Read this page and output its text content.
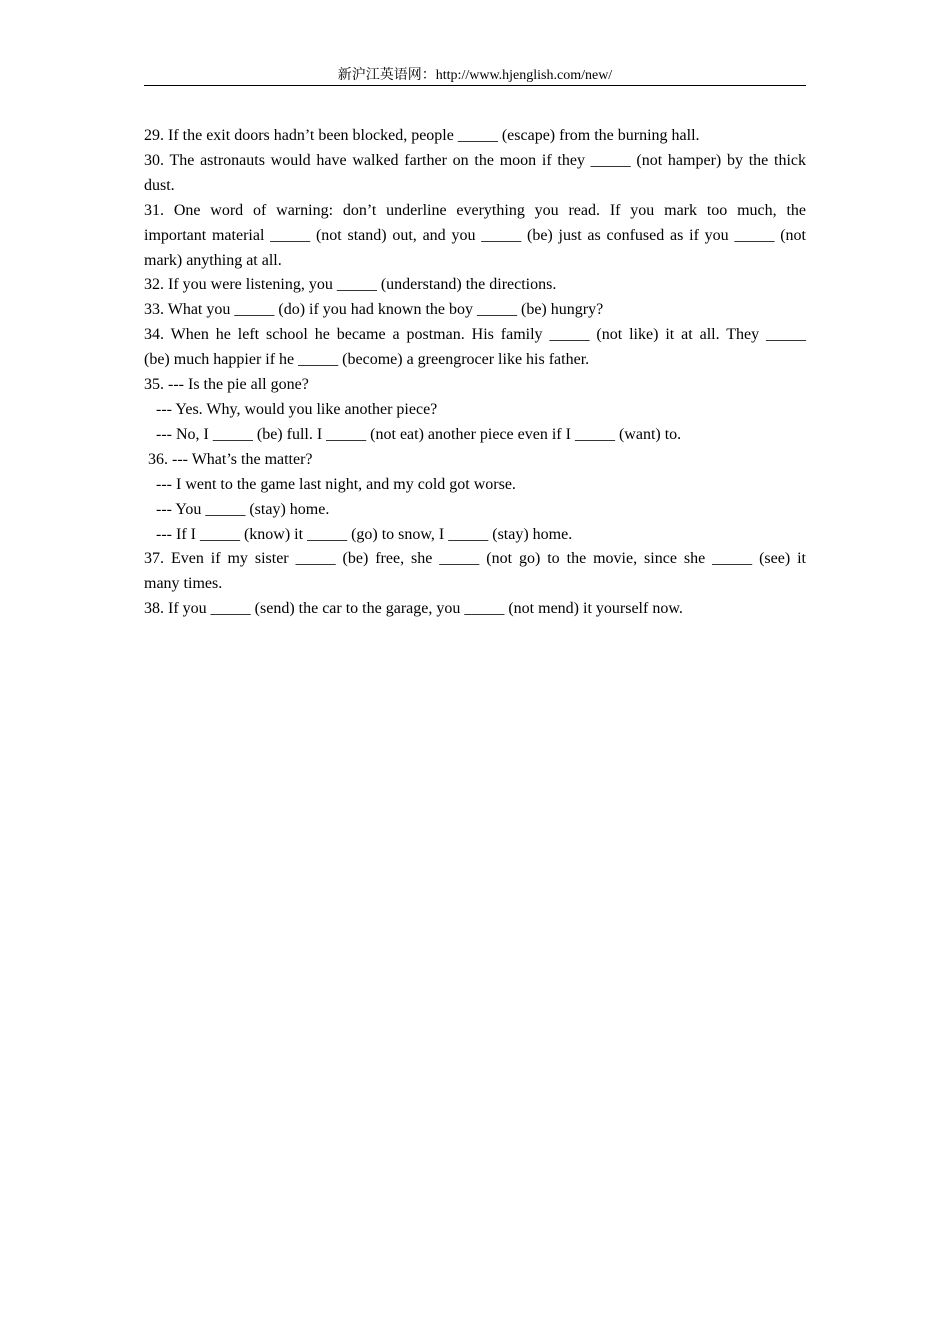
新沪江英语网：http://www.hjenglish.com/new/

29. If the exit doors hadn’t been blocked, people _____ (escape) from the burning hall.

30. The astronauts would have walked farther on the moon if they _____ (not hamper) by the thick

dust.

31. One word of warning: don’t underline everything you read. If you mark too much, the

important material _____ (not stand) out, and you _____ (be) just as confused as if you _____ (not

mark) anything at all.

32. If you were listening, you _____ (understand) the directions.

33. What you _____ (do) if you had known the boy _____ (be) hungry?

34. When he left school he became a postman. His family _____ (not like) it at all. They _____

(be) much happier if he _____ (become) a greengrocer like his father.

35. --- Is the pie all gone?

--- Yes. Why, would you like another piece?

--- No, I _____ (be) full. I _____ (not eat) another piece even if I _____ (want) to.

36. --- What’s the matter?

--- I went to the game last night, and my cold got worse.

--- You _____ (stay) home.

--- If I _____ (know) it _____ (go) to snow, I _____ (stay) home.

37. Even if my sister _____ (be) free, she _____ (not go) to the movie, since she _____ (see) it

many times.

38. If you _____ (send) the car to the garage, you _____ (not mend) it yourself now.
